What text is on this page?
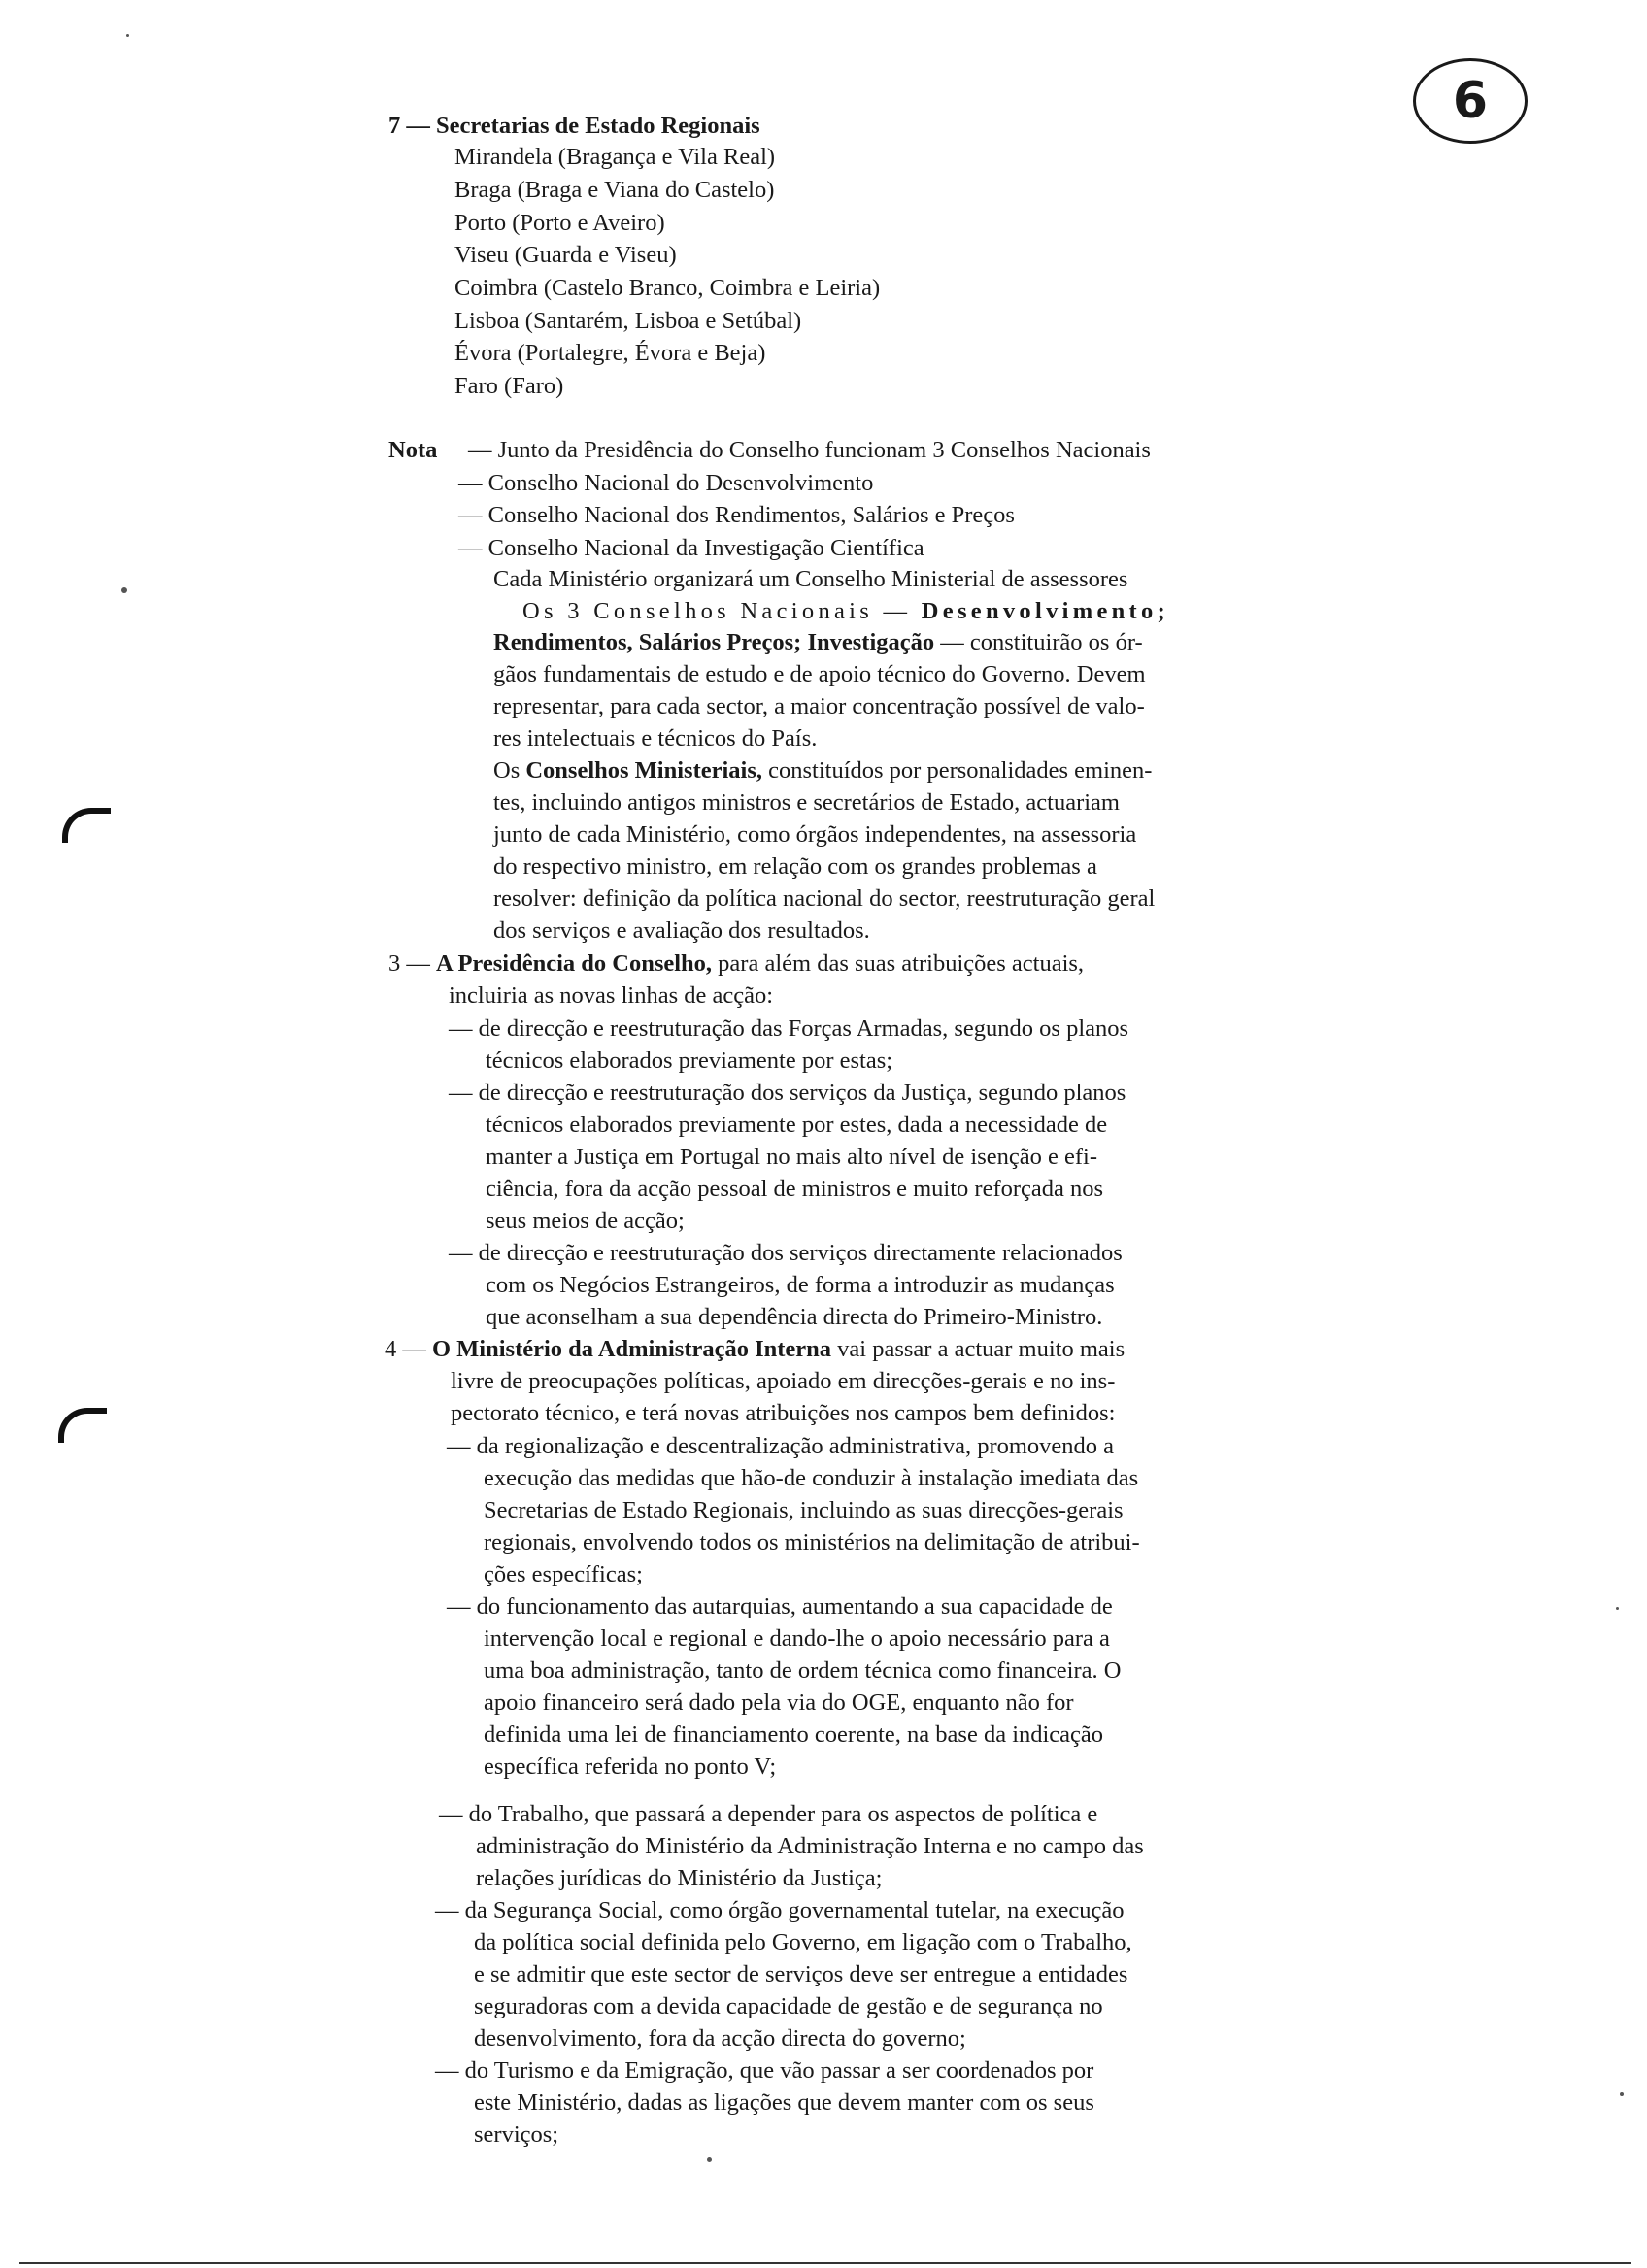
6
7 — Secretarias de Estado Regionais
Mirandela (Bragança e Vila Real)
Braga (Braga e Viana do Castelo)
Porto (Porto e Aveiro)
Viseu (Guarda e Viseu)
Coimbra (Castelo Branco, Coimbra e Leiria)
Lisboa (Santarém, Lisboa e Setúbal)
Évora (Portalegre, Évora e Beja)
Faro (Faro)
Nota — Junto da Presidência do Conselho funcionam 3 Conselhos Nacionais
— Conselho Nacional do Desenvolvimento
— Conselho Nacional dos Rendimentos, Salários e Preços
— Conselho Nacional da Investigação Científica
Cada Ministério organizará um Conselho Ministerial de assessores
Os 3 Conselhos Nacionais — Desenvolvimento;
Rendimentos, Salários Preços; Investigação — constituirão os ór-
gãos fundamentais de estudo e de apoio técnico do Governo. Devem
representar, para cada sector, a maior concentração possível de valo-
res intelectuais e técnicos do País.
Os Conselhos Ministeriais, constituídos por personalidades eminen-
tes, incluindo antigos ministros e secretários de Estado, actuariam
junto de cada Ministério, como órgãos independentes, na assessoria
do respectivo ministro, em relação com os grandes problemas a
resolver: definição da política nacional do sector, reestruturação geral
dos serviços e avaliação dos resultados.
3 — A Presidência do Conselho, para além das suas atribuições actuais,
incluiria as novas linhas de acção:
— de direcção e reestruturação das Forças Armadas, segundo os planos
técnicos elaborados previamente por estas;
— de direcção e reestruturação dos serviços da Justiça, segundo planos
técnicos elaborados previamente por estes, dada a necessidade de
manter a Justiça em Portugal no mais alto nível de isenção e efi-
ciência, fora da acção pessoal de ministros e muito reforçada nos
seus meios de acção;
— de direcção e reestruturação dos serviços directamente relacionados
com os Negócios Estrangeiros, de forma a introduzir as mudanças
que aconselham a sua dependência directa do Primeiro-Ministro.
4 — O Ministério da Administração Interna vai passar a actuar muito mais
livre de preocupações políticas, apoiado em direcções-gerais e no ins-
pectorato técnico, e terá novas atribuições nos campos bem definidos:
— da regionalização e descentralização administrativa, promovendo a
execução das medidas que hão-de conduzir à instalação imediata das
Secretarias de Estado Regionais, incluindo as suas direcções-gerais
regionais, envolvendo todos os ministérios na delimitação de atribui-
ções específicas;
— do funcionamento das autarquias, aumentando a sua capacidade de
intervenção local e regional e dando-lhe o apoio necessário para a
uma boa administração, tanto de ordem técnica como financeira. O
apoio financeiro será dado pela via do OGE, enquanto não for
definida uma lei de financiamento coerente, na base da indicação
específica referida no ponto V;
— do Trabalho, que passará a depender para os aspectos de política e
administração do Ministério da Administração Interna e no campo das
relações jurídicas do Ministério da Justiça;
— da Segurança Social, como órgão governamental tutelar, na execução
da política social definida pelo Governo, em ligação com o Trabalho,
e se admitir que este sector de serviços deve ser entregue a entidades
seguradoras com a devida capacidade de gestão e de segurança no
desenvolvimento, fora da acção directa do governo;
— do Turismo e da Emigração, que vão passar a ser coordenados por
este Ministério, dadas as ligações que devem manter com os seus
serviços;
